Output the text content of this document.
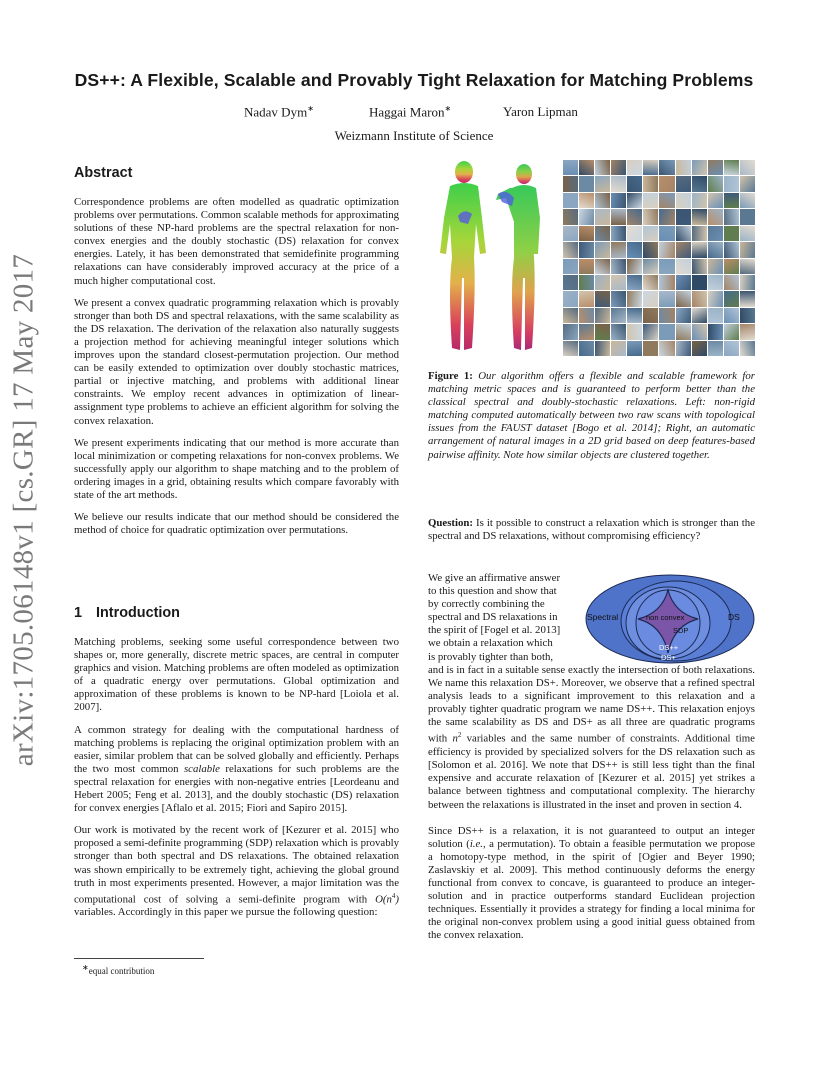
DS++: A Flexible, Scalable and Provably Tight Relaxation for Matching Problems
Nadav Dym∗	Haggai Maron∗	Yaron Lipman
Weizmann Institute of Science
arXiv:1705.06148v1 [cs.GR] 17 May 2017
Abstract

Correspondence problems are often modelled as quadratic optimization problems over permutations. Common scalable methods for approximating solutions of these NP-hard problems are the spectral relaxation for non-convex energies and the doubly stochastic (DS) relaxation for convex energies. Lately, it has been demonstrated that semidefinite programming relaxations can have considerably improved accuracy at the price of a much higher computational cost.

We present a convex quadratic programming relaxation which is provably stronger than both DS and spectral relaxations, with the same scalability as the DS relaxation. The derivation of the relaxation also naturally suggests a projection method for achieving meaningful integer solutions which improves upon the standard closest-permutation projection. Our method can be easily extended to optimization over doubly stochastic matrices, partial or injective matching, and problems with additional linear constraints. We employ recent advances in optimization of linear-assignment type problems to achieve an efficient algorithm for solving the convex relaxation.

We present experiments indicating that our method is more accurate than local minimization or competing relaxations for non-convex problems. We successfully apply our algorithm to shape matching and to the problem of ordering images in a grid, obtaining results which compare favorably with state of the art methods.

We believe our results indicate that our method should be considered the method of choice for quadratic optimization over permutations.

1 Introduction

Matching problems, seeking some useful correspondence between two shapes or, more generally, discrete metric spaces, are central in computer graphics and vision. Matching problems are often modeled as optimization of a quadratic energy over permutations. Global optimization and approximation of these problems is known to be NP-hard [Loiola et al. 2007].

A common strategy for dealing with the computational hardness of matching problems is replacing the original optimization problem with an easier, similar problem that can be solved globally and efficiently. Perhaps the two most common scalable relaxations for such problems are the spectral relaxation for energies with non-negative entries [Leordeanu and Hebert 2005; Feng et al. 2013], and the doubly stochastic (DS) relaxation for convex energies [Aflalo et al. 2015; Fiori and Sapiro 2015].

Our work is motivated by the recent work of [Kezurer et al. 2015] who proposed a semi-definite programming (SDP) relaxation which is provably stronger than both spectral and DS relaxations. The obtained relaxation was shown empirically to be extremely tight, achieving the global ground truth in most experiments presented. However, a major limitation was the computational cost of solving a semi-definite program with $O(n^4)$ variables. Accordingly in this paper we pursue the following question:

∗equal contribution
Figure 1: Our algorithm offers a flexible and scalable framework for matching metric spaces and is guaranteed to perform better than the classical spectral and doubly-stochastic relaxations. Left: non-rigid matching computed automatically between two raw scans with topological issues from the FAUST dataset [Bogo et al. 2014]; Right, an automatic arrangement of natural images in a 2D grid based on deep features-based pairwise affinity. Note how similar objects are clustered together.

Question: Is it possible to construct a relaxation which is stronger than the spectral and DS relaxations, without compromising efficiency?

We give an affirmative answer
to this question and show that
by correctly combining the
spectral and DS relaxations in
the spirit of [Fogel et al. 2013]
we obtain a relaxation which
is provably tighter than both,
Spectral	DS
non convex
SDP
DS++
DS+

and is in fact in a suitable sense exactly the intersection of both relaxations. We name this relaxation DS+. Moreover, we observe that a refined spectral analysis leads to a significant improvement to this relaxation and a provably tighter quadratic program we name DS++. This relaxation enjoys the same scalability as DS and DS+ as all three are quadratic programs with $n^2$ variables and the same number of constraints. Additional time efficiency is provided by specialized solvers for the DS relaxation such as [Solomon et al. 2016]. We note that DS++ is still less tight than the final expensive and accurate relaxation of [Kezurer et al. 2015] yet strikes a balance between tightness and computational complexity. The hierarchy between the relaxations is illustrated in the inset and proven in section 4.

Since DS++ is a relaxation, it is not guaranteed to output an integer solution (i.e., a permutation). To obtain a feasible permutation we propose a homotopy-type method, in the spirit of [Ogier and Beyer 1990; Zaslavskiy et al. 2009]. This method continuously deforms the energy functional from convex to concave, is guaranteed to produce an integer-solution and in practice outperforms standard Euclidean projection techniques. Essentially it provides a strategy for finding a local minima for the original non-convex problem using a good initial guess obtained from the convex relaxation.
